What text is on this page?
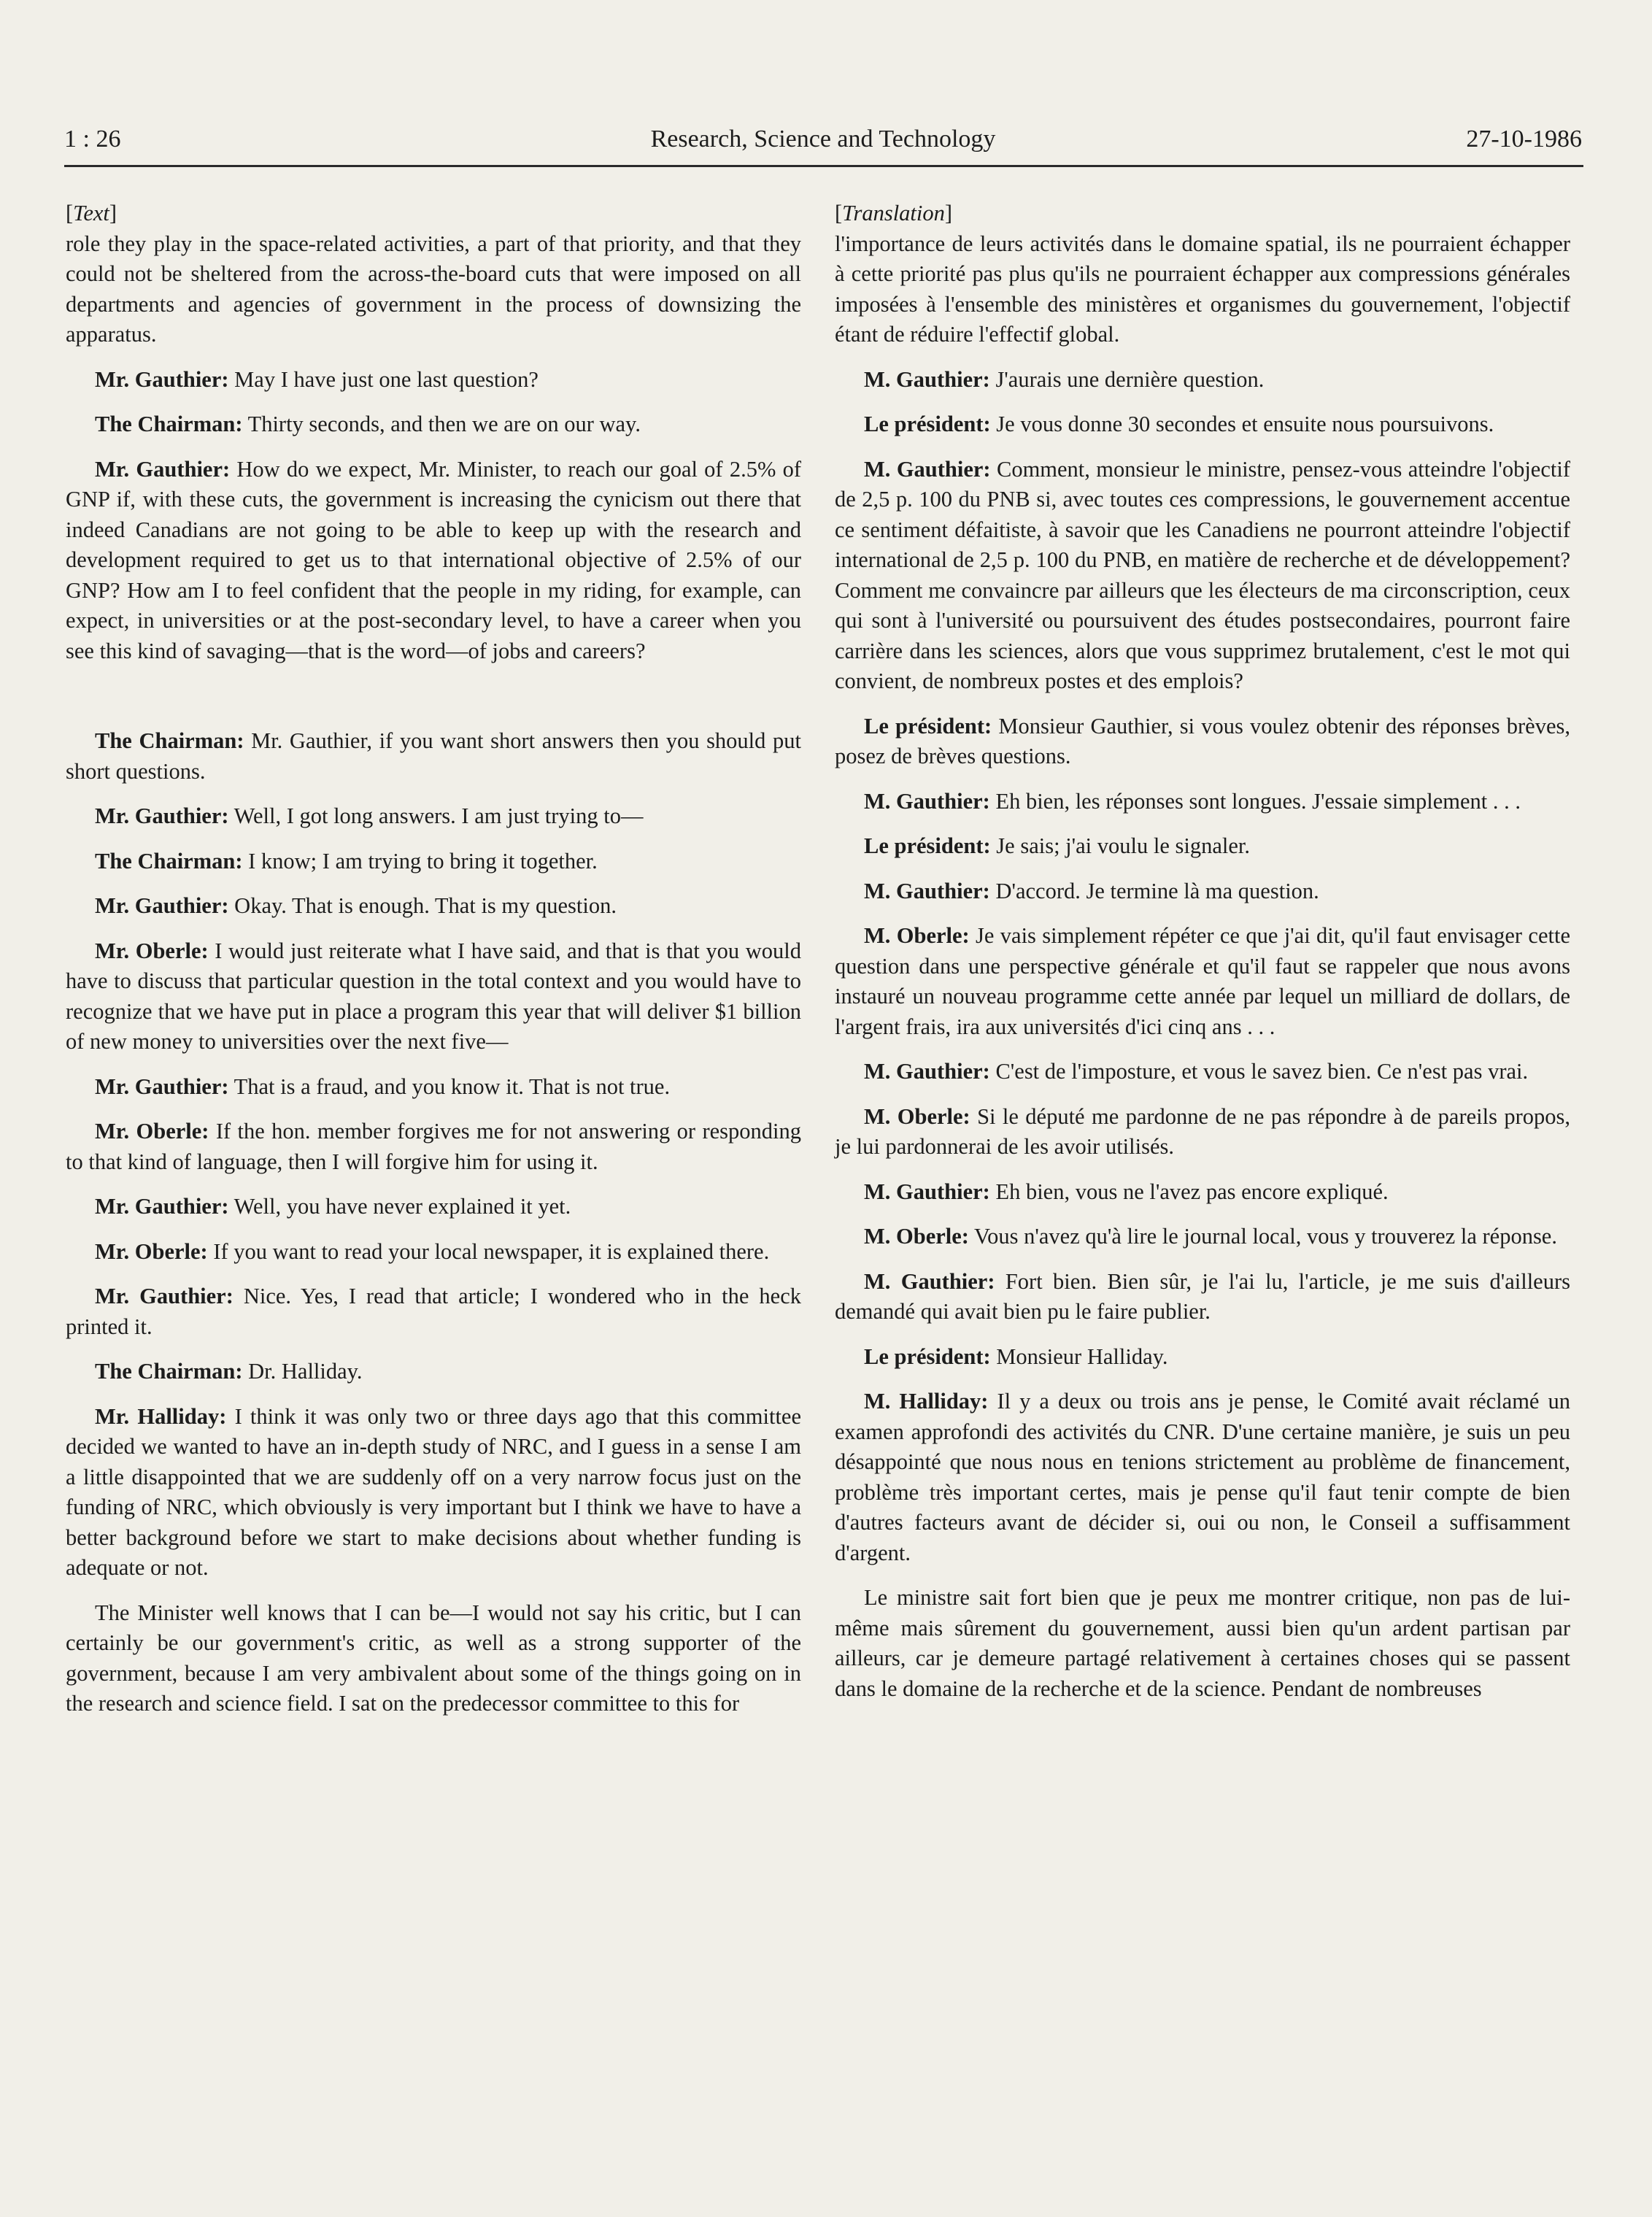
1 : 26	Research, Science and Technology	27-10-1986

[Text]

role they play in the space-related activities, a part of that priority, and that they could not be sheltered from the across-the-board cuts that were imposed on all departments and agencies of government in the process of downsizing the apparatus.

Mr. Gauthier: May I have just one last question?

The Chairman: Thirty seconds, and then we are on our way.

Mr. Gauthier: How do we expect, Mr. Minister, to reach our goal of 2.5% of GNP if, with these cuts, the government is increasing the cynicism out there that indeed Canadians are not going to be able to keep up with the research and development required to get us to that international objective of 2.5% of our GNP? How am I to feel confident that the people in my riding, for example, can expect, in universities or at the post-secondary level, to have a career when you see this kind of savaging—that is the word—of jobs and careers?

The Chairman: Mr. Gauthier, if you want short answers then you should put short questions.

Mr. Gauthier: Well, I got long answers. I am just trying to—

The Chairman: I know; I am trying to bring it together.

Mr. Gauthier: Okay. That is enough. That is my question.

Mr. Oberle: I would just reiterate what I have said, and that is that you would have to discuss that particular question in the total context and you would have to recognize that we have put in place a program this year that will deliver $1 billion of new money to universities over the next five—

Mr. Gauthier: That is a fraud, and you know it. That is not true.

Mr. Oberle: If the hon. member forgives me for not answering or responding to that kind of language, then I will forgive him for using it.

Mr. Gauthier: Well, you have never explained it yet.

Mr. Oberle: If you want to read your local newspaper, it is explained there.

Mr. Gauthier: Nice. Yes, I read that article; I wondered who in the heck printed it.

The Chairman: Dr. Halliday.

Mr. Halliday: I think it was only two or three days ago that this committee decided we wanted to have an in-depth study of NRC, and I guess in a sense I am a little disappointed that we are suddenly off on a very narrow focus just on the funding of NRC, which obviously is very important but I think we have to have a better background before we start to make decisions about whether funding is adequate or not.

The Minister well knows that I can be—I would not say his critic, but I can certainly be our government's critic, as well as a strong supporter of the government, because I am very ambivalent about some of the things going on in the research and science field. I sat on the predecessor committee to this for

[Translation]

l'importance de leurs activités dans le domaine spatial, ils ne pourraient échapper à cette priorité pas plus qu'ils ne pourraient échapper aux compressions générales imposées à l'ensemble des ministères et organismes du gouvernement, l'objectif étant de réduire l'effectif global.

M. Gauthier: J'aurais une dernière question.

Le président: Je vous donne 30 secondes et ensuite nous poursuivons.

M. Gauthier: Comment, monsieur le ministre, pensez-vous atteindre l'objectif de 2,5 p. 100 du PNB si, avec toutes ces compressions, le gouvernement accentue ce sentiment défaitiste, à savoir que les Canadiens ne pourront atteindre l'objectif international de 2,5 p. 100 du PNB, en matière de recherche et de développement? Comment me convaincre par ailleurs que les électeurs de ma circonscription, ceux qui sont à l'université ou poursuivent des études postsecondaires, pourront faire carrière dans les sciences, alors que vous supprimez brutalement, c'est le mot qui convient, de nombreux postes et des emplois?

Le président: Monsieur Gauthier, si vous voulez obtenir des réponses brèves, posez de brèves questions.

M. Gauthier: Eh bien, les réponses sont longues. J'essaie simplement . . .

Le président: Je sais; j'ai voulu le signaler.

M. Gauthier: D'accord. Je termine là ma question.

M. Oberle: Je vais simplement répéter ce que j'ai dit, qu'il faut envisager cette question dans une perspective générale et qu'il faut se rappeler que nous avons instauré un nouveau programme cette année par lequel un milliard de dollars, de l'argent frais, ira aux universités d'ici cinq ans . . .

M. Gauthier: C'est de l'imposture, et vous le savez bien. Ce n'est pas vrai.

M. Oberle: Si le député me pardonne de ne pas répondre à de pareils propos, je lui pardonnerai de les avoir utilisés.

M. Gauthier: Eh bien, vous ne l'avez pas encore expliqué.

M. Oberle: Vous n'avez qu'à lire le journal local, vous y trouverez la réponse.

M. Gauthier: Fort bien. Bien sûr, je l'ai lu, l'article, je me suis d'ailleurs demandé qui avait bien pu le faire publier.

Le président: Monsieur Halliday.

M. Halliday: Il y a deux ou trois ans je pense, le Comité avait réclamé un examen approfondi des activités du CNR. D'une certaine manière, je suis un peu désappointé que nous nous en tenions strictement au problème de financement, problème très important certes, mais je pense qu'il faut tenir compte de bien d'autres facteurs avant de décider si, oui ou non, le Conseil a suffisamment d'argent.

Le ministre sait fort bien que je peux me montrer critique, non pas de lui-même mais sûrement du gouvernement, aussi bien qu'un ardent partisan par ailleurs, car je demeure partagé relativement à certaines choses qui se passent dans le domaine de la recherche et de la science. Pendant de nombreuses
